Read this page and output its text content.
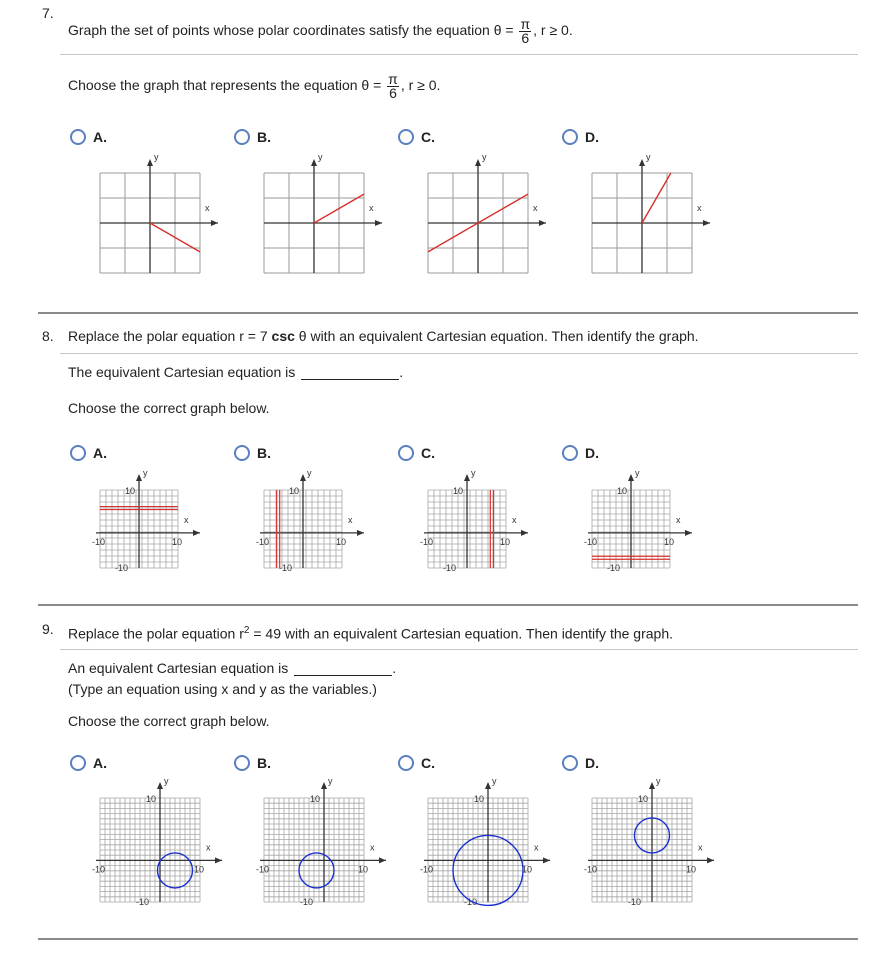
7.
Graph the set of points whose polar coordinates satisfy the equation $\theta = \frac{\pi}{6}$ , r ≥ 0.
Choose the graph that represents the equation $\theta = \frac{\pi}{6}$ , r ≥ 0.
A.	B.	C.	D.
x
y
x
y
x
y
x
y
8. Replace the polar equation r = 7 csc θ with an equivalent Cartesian equation. Then identify the graph.
The equivalent Cartesian equation is	.
Choose the correct graph below.
A.	B.	C.	D.
x
y
-10	10
10
-10
x
y
-10	10
10
-10
x
y
-10	10
10
-10
x
y
-10	10
10
-10
9. Replace the polar equation $r^2 = 49$ with an equivalent Cartesian equation. Then identify the graph.
An equivalent Cartesian equation is	.
(Type an equation using x and y as the variables.)
Choose the correct graph below.
A.	B.	C.	D.
x
y
-10	10
10
-10
x
y
-10	10
10
-10
x
y
-10	10
10
-10
x
y
-10	10
10
-10
